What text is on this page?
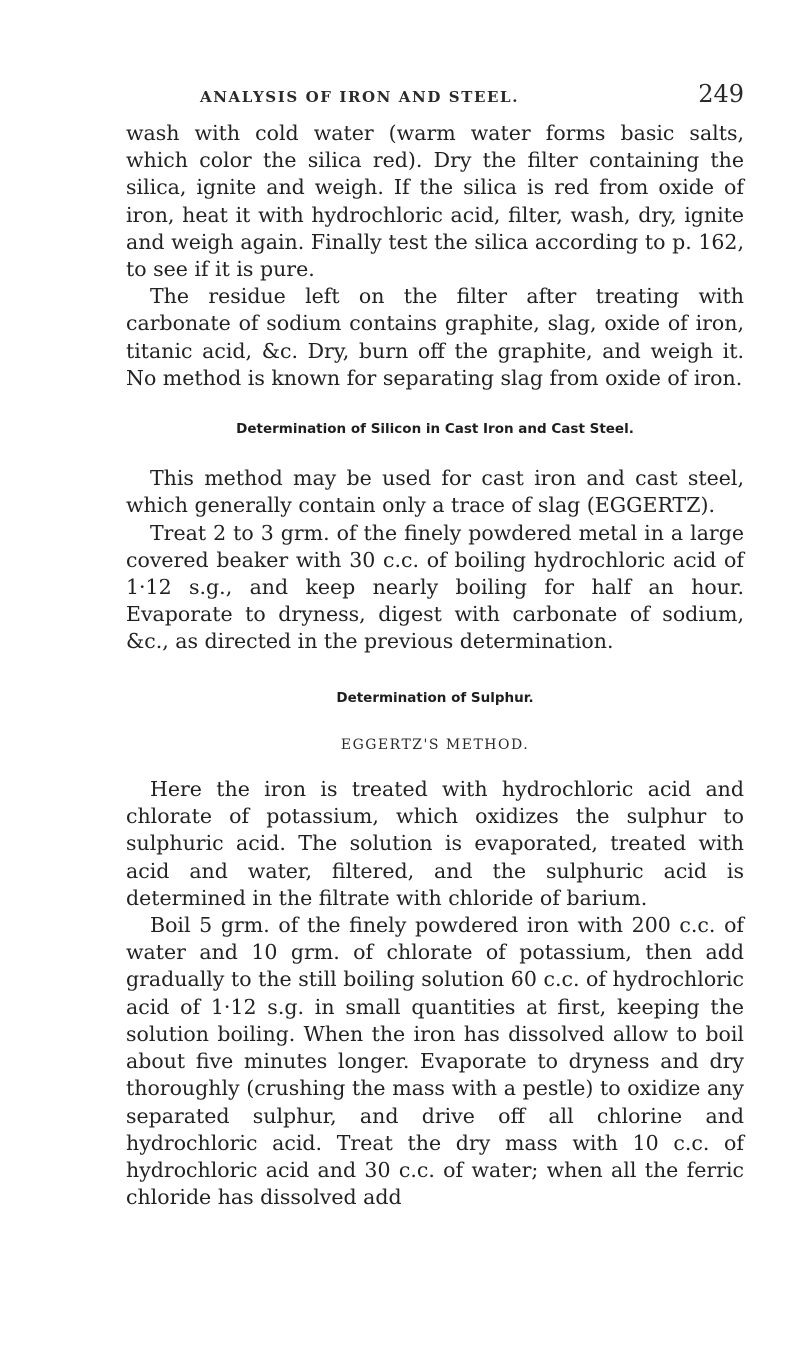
ANALYSIS OF IRON AND STEEL.	249

wash with cold water (warm water forms basic salts, which color the silica red). Dry the filter containing the silica, ignite and weigh. If the silica is red from oxide of iron, heat it with hydrochloric acid, filter, wash, dry, ignite and weigh again. Finally test the silica according to p. 162, to see if it is pure.

The residue left on the filter after treating with carbonate of sodium contains graphite, slag, oxide of iron, titanic acid, &c. Dry, burn off the graphite, and weigh it. No method is known for separating slag from oxide of iron.

Determination of Silicon in Cast Iron and Cast Steel.

This method may be used for cast iron and cast steel, which generally contain only a trace of slag (EGGERTZ).

Treat 2 to 3 grm. of the finely powdered metal in a large covered beaker with 30 c.c. of boiling hydrochloric acid of 1·12 s.g., and keep nearly boiling for half an hour. Evaporate to dryness, digest with carbonate of sodium, &c., as directed in the previous determination.

Determination of Sulphur.
EGGERTZ'S METHOD.

Here the iron is treated with hydrochloric acid and chlorate of potassium, which oxidizes the sulphur to sulphuric acid. The solution is evaporated, treated with acid and water, filtered, and the sulphuric acid is determined in the filtrate with chloride of barium.

Boil 5 grm. of the finely powdered iron with 200 c.c. of water and 10 grm. of chlorate of potassium, then add gradually to the still boiling solution 60 c.c. of hydrochloric acid of 1·12 s.g. in small quantities at first, keeping the solution boiling. When the iron has dissolved allow to boil about five minutes longer. Evaporate to dryness and dry thoroughly (crushing the mass with a pestle) to oxidize any separated sulphur, and drive off all chlorine and hydrochloric acid. Treat the dry mass with 10 c.c. of hydrochloric acid and 30 c.c. of water; when all the ferric chloride has dissolved add
